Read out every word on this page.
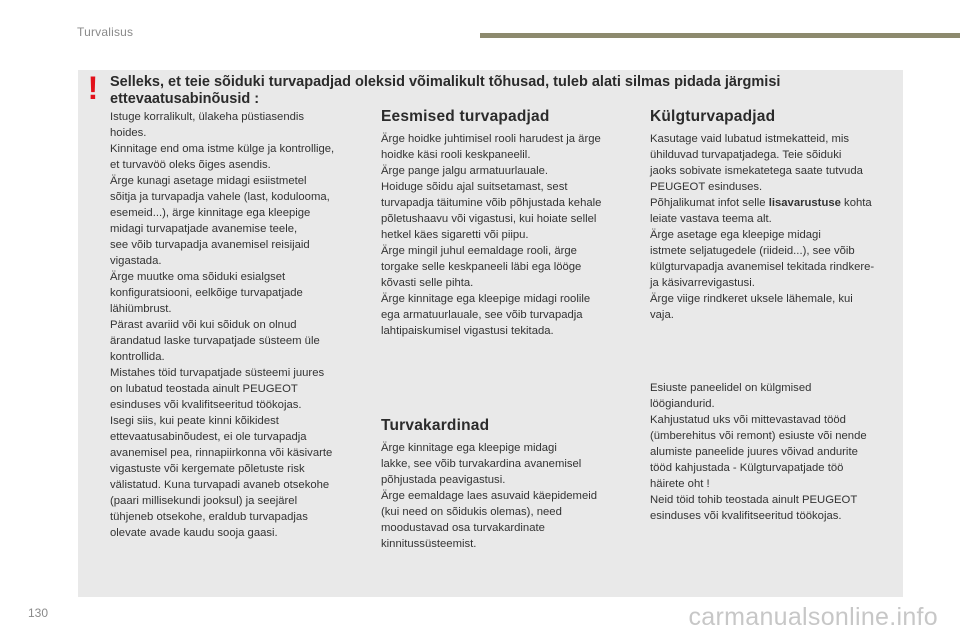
Turvalisus
! Selleks, et teie sõiduki turvapadjad oleksid võimalikult tõhusad, tuleb alati silmas pidada järgmisi ettevaatusabinõusid :

Istuge korralikult, ülakeha püstiasendis
hoides.
Kinnitage end oma istme külge ja kontrollige,
et turvavöö oleks õiges asendis.
Ärge kunagi asetage midagi esiistmetel
sõitja ja turvapadja vahele (last, koduloomа,
esemeid...), ärge kinnitage ega kleepige
midagi turvapatjade avanemise teele,
see võib turvapadja avanemisel reisijaid
vigastada.
Ärge muutke oma sõiduki esialgset
konfiguratsiooni, eelkõige turvapatjade
lähiümbrust.
Pärast avariid või kui sõiduk on olnud
ärandatud laske turvapatjade süsteem üle
kontrollida.
Mistahes töid turvapatjade süsteemi juures
on lubatud teostada ainult PEUGEOT
esinduses või kvalifitseeritud töökojas.
Isegi siis, kui peate kinni kõikidest
ettevaatusabinõudest, ei ole turvapadja
avanemisel pea, rinnapiirkonna või käsivarte
vigastuste või kergemate põletuste risk
välistatud. Kuna turvapadi avaneb otsekohe
(paari millisekundi jooksul) ja seejärel
tühjeneb otsekohe, eraldub turvapadjas
olevate avade kaudu sooja gaasi.

Eesmised turvapadjad

Ärge hoidke juhtimisel rooli harudest ja ärge
hoidke käsi rooli keskpaneelil.
Ärge pange jalgu armatuurlauale.
Hoiduge sõidu ajal suitsetamast, sest
turvapadja täitumine võib põhjustada kehale
põletushaavu või vigastusi, kui hoiate sellel
hetkel käes sigaretti või piipu.
Ärge mingil juhul eemaldage rooli, ärge
torgake selle keskpaneeli läbi ega lööge
kõvasti selle pihta.
Ärge kinnitage ega kleepige midagi roolile
ega armatuurlauale, see võib turvapadja
lahtipaiskumisel vigastusi tekitada.

Turvakardinad

Ärge kinnitage ega kleepige midagi
lakke, see võib turvakardina avanemisel
põhjustada peavigastusi.
Ärge eemaldage laes asuvaid käepidemeid
(kui need on sõidukis olemas), need
moodustavad osa turvakardinate
kinnitussüsteemist.

Külgturvapadjad

Kasutage vaid lubatud istmekatteid, mis
ühilduvad turvapatjadega. Teie sõiduki
jaoks sobivate ismekatetega saate tutvuda
PEUGEOT esinduses.
Põhjalikumat infot selle lisavarustuse kohta
leiate vastava teema alt.
Ärge asetage ega kleepige midagi
istmete seljatugedele (riideid...), see võib
külgturvapadja avanemisel tekitada rindkere-
ja käsivarrevigastusi.
Ärge viige rindkeret uksele lähemale, kui
vaja.

Esiuste paneelidel on külgmised
löögiandurid.
Kahjustatud uks või mittevastavad tööd
(ümberehitus või remont) esiuste või nende
alumiste paneelide juures võivad andurite
tööd kahjustada - Külgturvapatjade töö
häirete oht !
Neid töid tohib teostada ainult PEUGEOT
esinduses või kvalifitseeritud töökojas.

130	carmanualsonline.info
